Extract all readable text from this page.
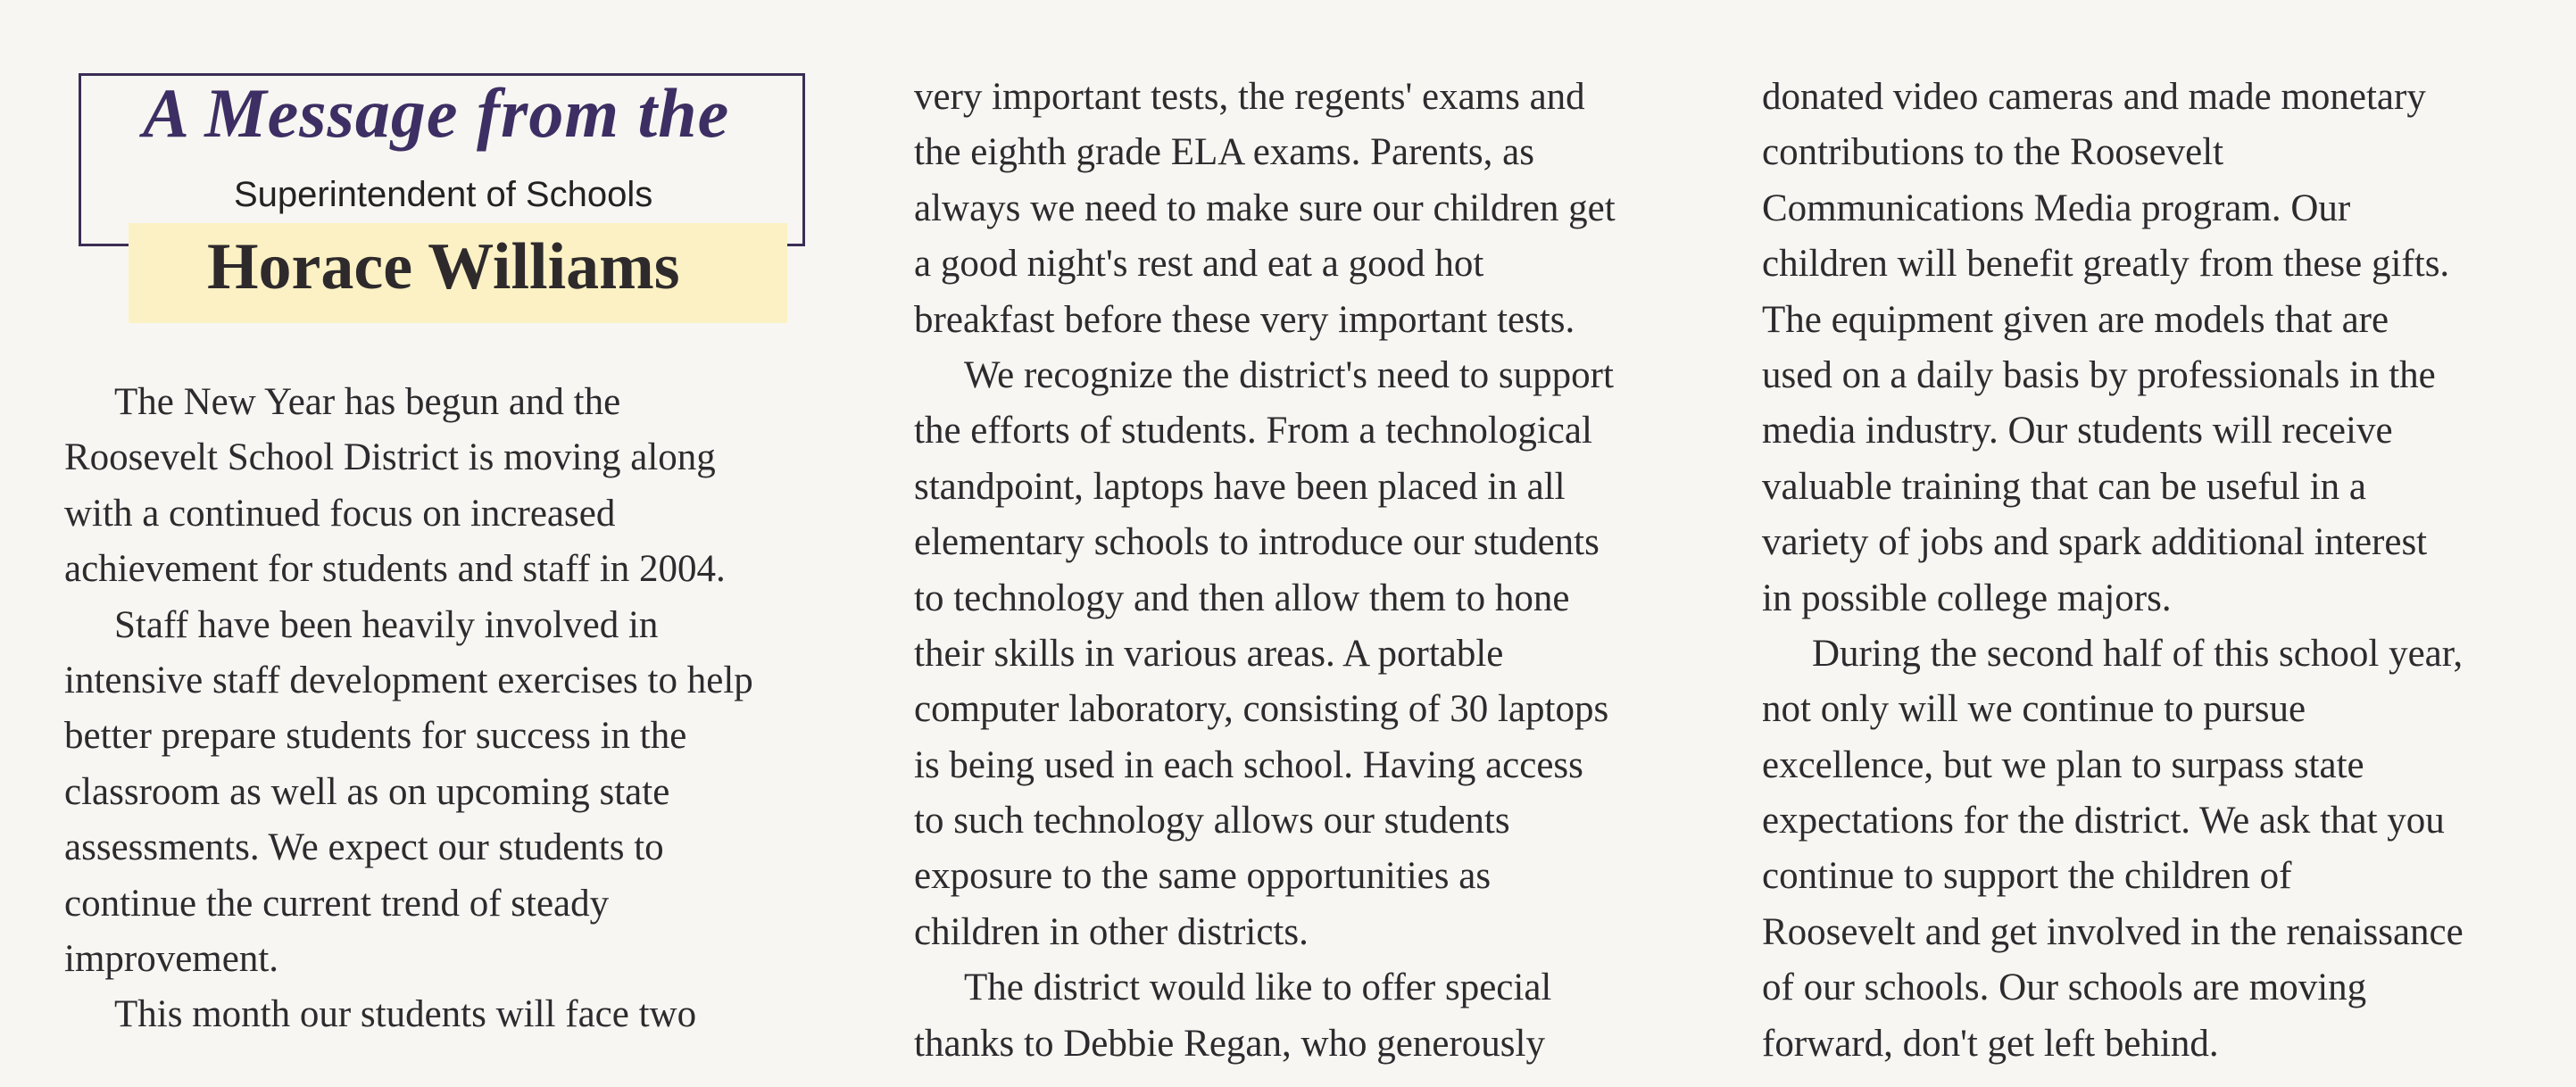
A Message from the
Superintendent of Schools
Horace Williams
The New Year has begun and the
Roosevelt School District is moving along
with a continued focus on increased
achievement for students and staff in 2004.
Staff have been heavily involved in
intensive staff development exercises to help
better prepare students for success in the
classroom as well as on upcoming state
assessments. We expect our students to
continue the current trend of steady
improvement.
This month our students will face two
very important tests, the regents' exams and
the eighth grade ELA exams. Parents, as
always we need to make sure our children get
a good night's rest and eat a good hot
breakfast before these very important tests.
We recognize the district's need to support
the efforts of students. From a technological
standpoint, laptops have been placed in all
elementary schools to introduce our students
to technology and then allow them to hone
their skills in various areas. A portable
computer laboratory, consisting of 30 laptops
is being used in each school. Having access
to such technology allows our students
exposure to the same opportunities as
children in other districts.
The district would like to offer special
thanks to Debbie Regan, who generously
donated video cameras and made monetary
contributions to the Roosevelt
Communications Media program. Our
children will benefit greatly from these gifts.
The equipment given are models that are
used on a daily basis by professionals in the
media industry. Our students will receive
valuable training that can be useful in a
variety of jobs and spark additional interest
in possible college majors.
During the second half of this school year,
not only will we continue to pursue
excellence, but we plan to surpass state
expectations for the district. We ask that you
continue to support the children of
Roosevelt and get involved in the renaissance
of our schools. Our schools are moving
forward, don't get left behind.
